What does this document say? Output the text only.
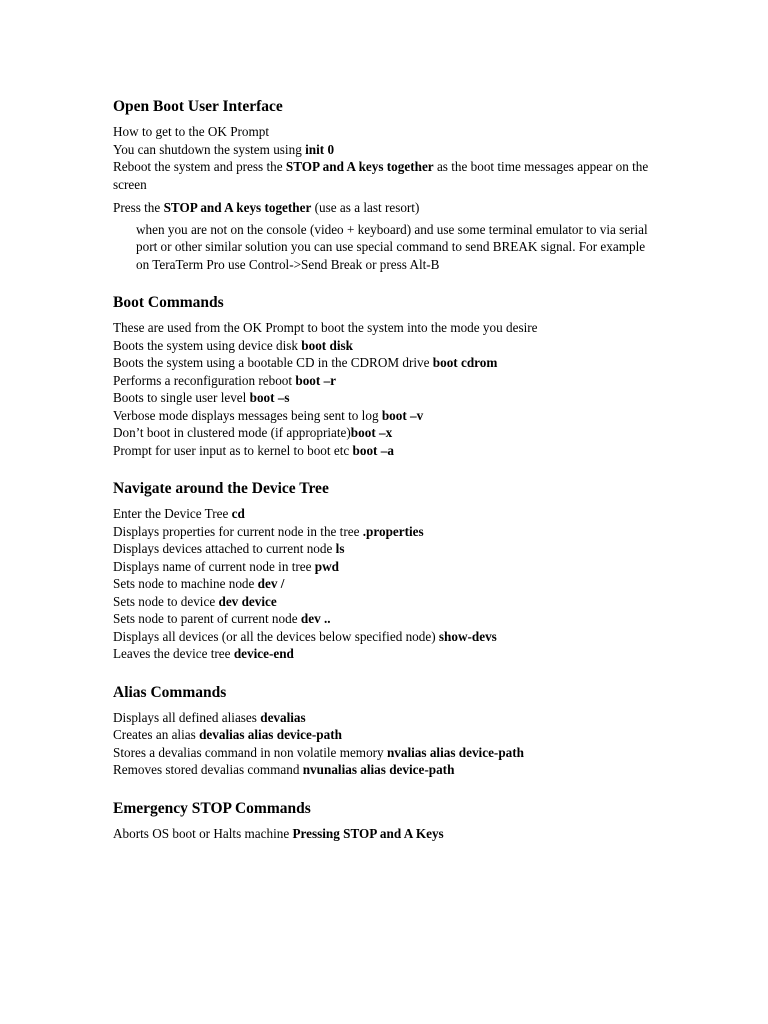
Open Boot User Interface

How to get to the OK Prompt

You can shutdown the system using init 0

Reboot the system and press the STOP and A keys together as the boot time messages appear on the screen

Press the STOP and A keys together (use as a last resort)

when you are not on the console (video + keyboard) and use some terminal emulator to via serial port or other similar solution you can use special command to send BREAK signal. For example on TeraTerm Pro use Control->Send Break or press Alt-B

Boot Commands

These are used from the OK Prompt to boot the system into the mode you desire

Boots the system using device disk boot disk

Boots the system using a bootable CD in the CDROM drive boot cdrom

Performs a reconfiguration reboot boot –r

Boots to single user level boot –s

Verbose mode displays messages being sent to log boot –v

Don’t boot in clustered mode (if appropriate)boot –x

Prompt for user input as to kernel to boot etc boot –a

Navigate around the Device Tree

Enter the Device Tree cd

Displays properties for current node in the tree .properties

Displays devices attached to current node ls

Displays name of current node in tree pwd

Sets node to machine node dev /

Sets node to device dev device

Sets node to parent of current node dev ..

Displays all devices (or all the devices below specified node) show-devs

Leaves the device tree device-end

Alias Commands

Displays all defined aliases devalias

Creates an alias devalias alias device-path

Stores a devalias command in non volatile memory nvalias alias device-path

Removes stored devalias command nvunalias alias device-path

Emergency STOP Commands

Aborts OS boot or Halts machine Pressing STOP and A Keys
